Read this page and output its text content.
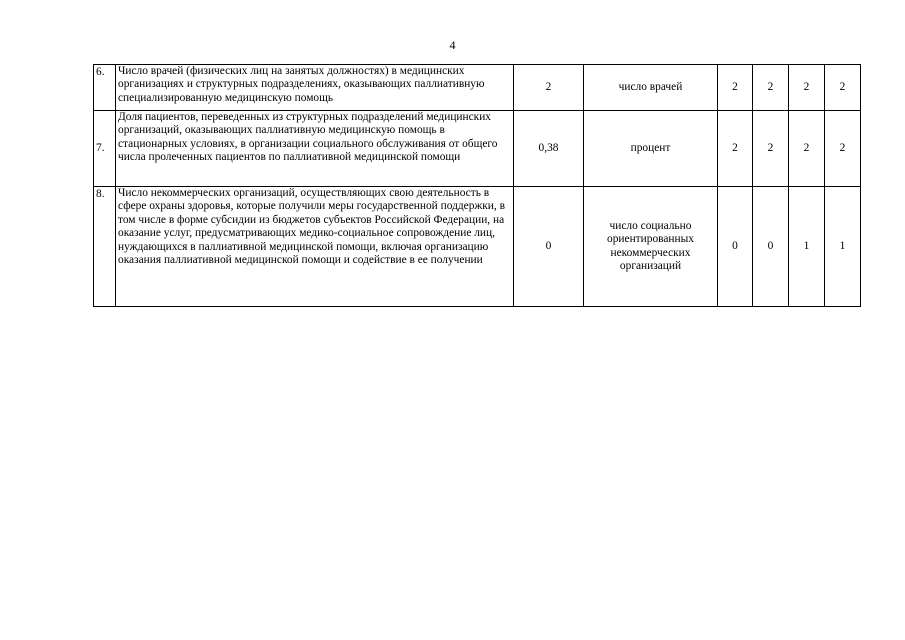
4
6.	Число врачей (физических лиц на занятых должностях) в медицинских организациях и структурных подразделениях, оказывающих паллиативную специализированную медицинскую помощь	2	число врачей	2	2	2	2
7.	Доля пациентов, переведенных из структурных подразделений медицинских организаций, оказывающих паллиативную медицинскую помощь в стационарных условиях, в организации социального обслуживания от общего числа пролеченных пациентов по паллиативной медицинской помощи	0,38	процент	2	2	2	2
8.	Число некоммерческих организаций, осуществляющих свою деятельность в сфере охраны здоровья, которые получили меры государственной поддержки, в том числе в форме субсидии из бюджетов субъектов Российской Федерации, на оказание услуг, предусматривающих медико-социальное сопровождение лиц, нуждающихся в паллиативной медицинской помощи, включая организацию оказания паллиативной медицинской помощи и содействие в ее получении	0	число социально ориентированных некоммерческих организаций	0	0	1	1
